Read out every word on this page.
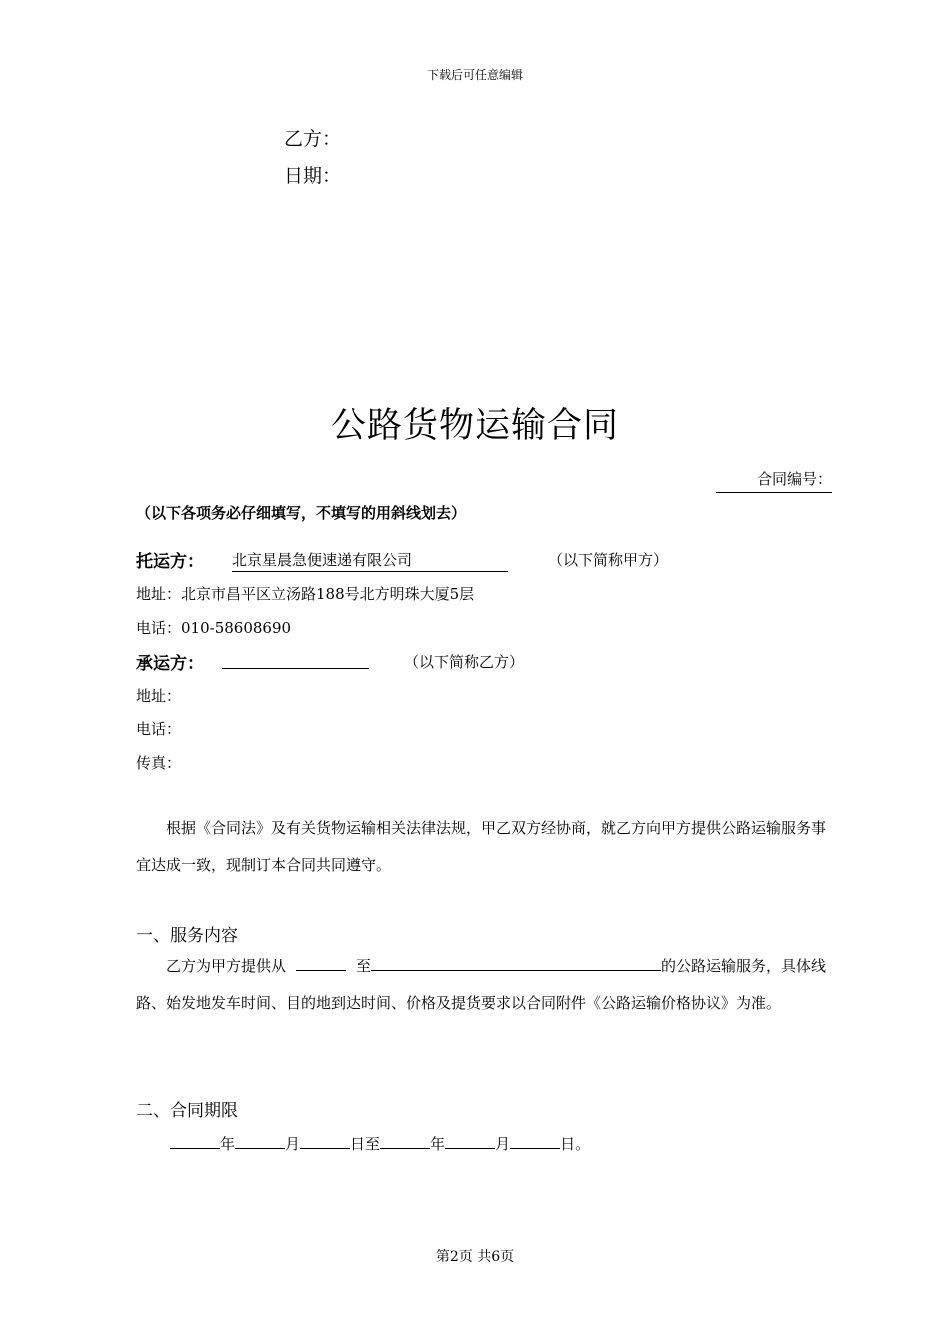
下载后可任意编辑
乙方：
日期：
公路货物运输合同
合同编号：
（以下各项务必仔细填写，不填写的用斜线划去）
托运方： 北京星晨急便速递有限公司	（以下简称甲方）
地址：北京市昌平区立汤路188号北方明珠大厦5层
电话：010-58608690
承运方：	（以下简称乙方）
地址：
电话：
传真：
根据《合同法》及有关货物运输相关法律法规，甲乙双方经协商，就乙方向甲方提供公路运输服务事宜达成一致，现制订本合同共同遵守。
一、服务内容
乙方为甲方提供从	至	的公路运输服务，具体线路、始发地发车时间、目的地到达时间、价格及提货要求以合同附件《公路运输价格协议》为准。
二、合同期限
年	月	日至	年	月	日。
第2页 共6页
